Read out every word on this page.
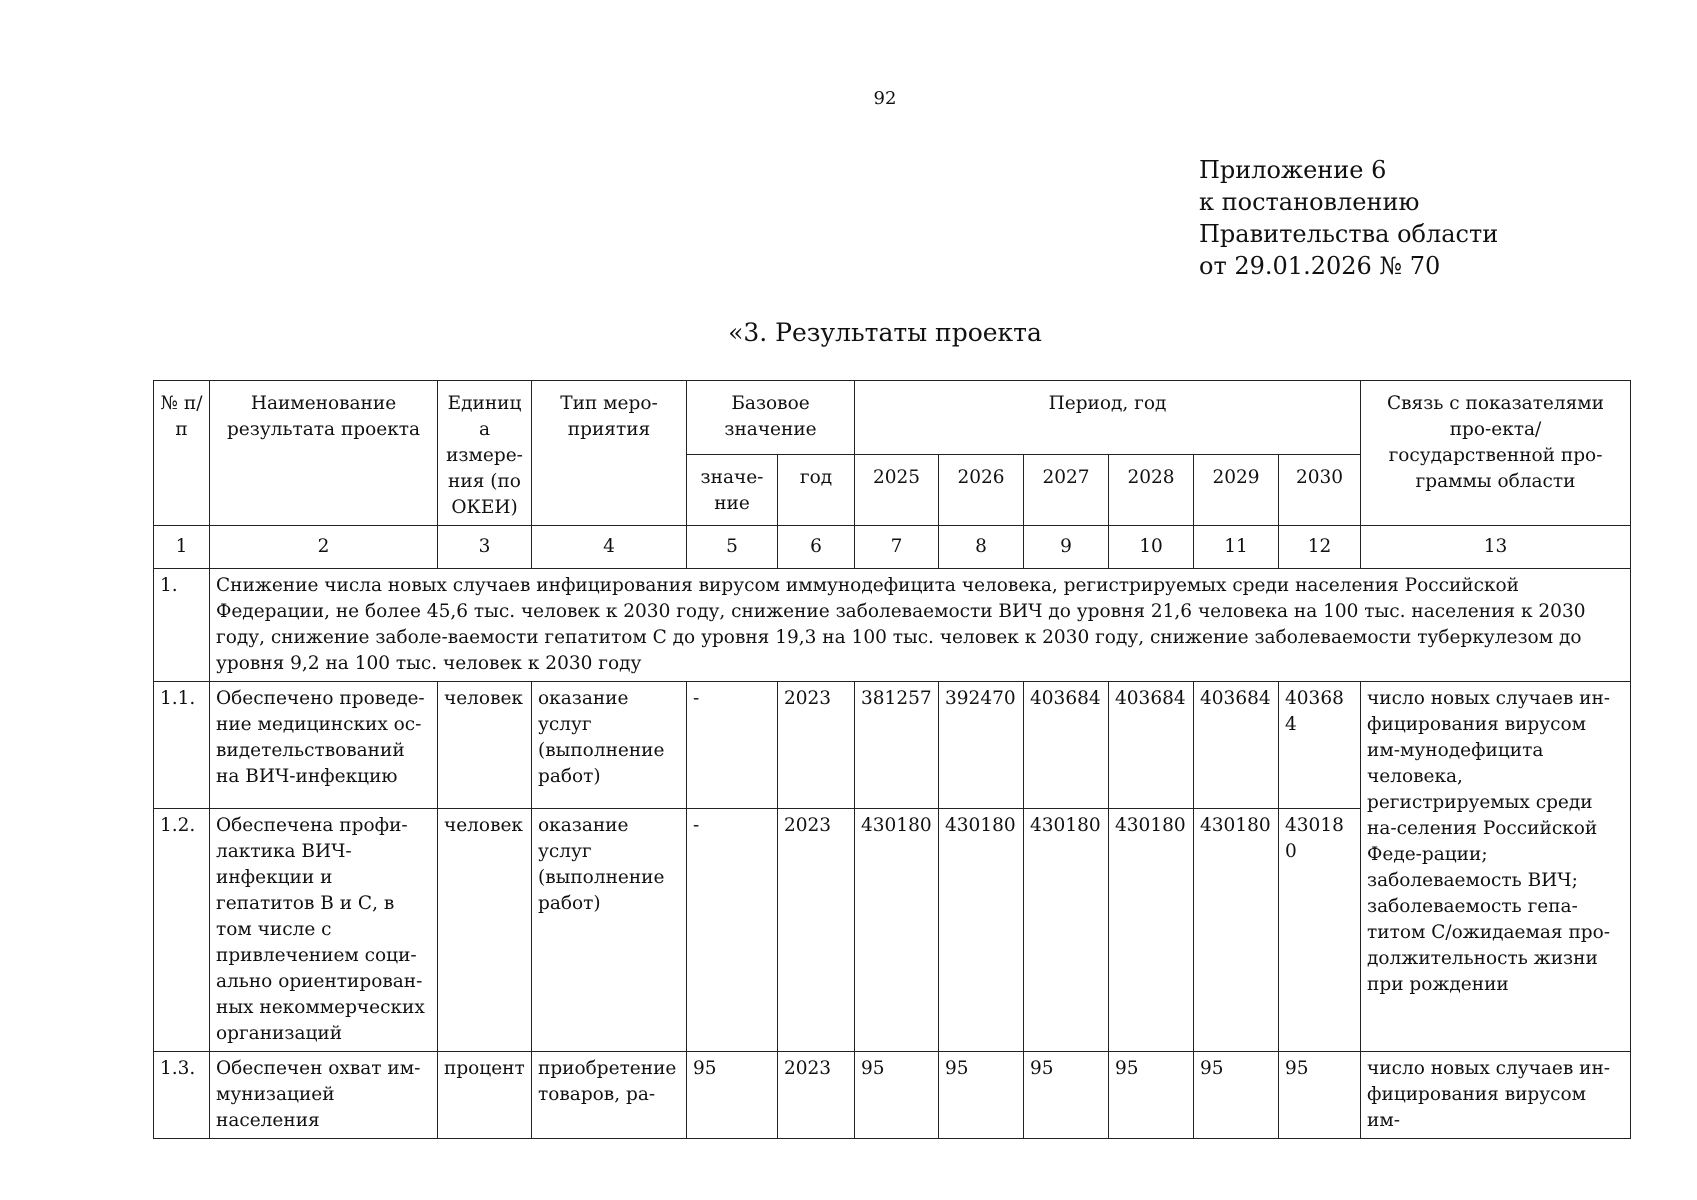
92
Приложение 6
к постановлению
Правительства области
от 29.01.2026 № 70
«3. Результаты проекта
№ п/п	Наименование результата проекта	Единица измере-ния (по ОКЕИ)	Тип меро-приятия	Базовое значение		Период, год						Связь с показателями про-екта/государственной про-граммы области
				значе-ние	год	2025	2026	2027	2028	2029	2030	
1	2	3	4	5	6	7	8	9	10	11	12	13
1.	Снижение числа новых случаев инфицирования вирусом иммунодефицита человека, регистрируемых среди населения Российской Федерации, не более 45,6 тыс. человек к 2030 году, снижение заболеваемости ВИЧ до уровня 21,6 человека на 100 тыс. населения к 2030 году, снижение заболе-ваемости гепатитом С до уровня 19,3 на 100 тыс. человек к 2030 году, снижение заболеваемости туберкулезом до уровня 9,2 на 100 тыс. человек к 2030 году											
1.1.	Обеспечено проведе-ние медицинских ос-видетельствований на ВИЧ-инфекцию	человек	оказание услуг (выполнение работ)	-	2023	381257	392470	403684	403684	403684	403684	число новых случаев ин-фицирования вирусом им-мунодефицита человека, регистрируемых среди на-селения Российской Феде-рации; заболеваемость ВИЧ; заболеваемость гепа-титом С/ожидаемая про-должительность жизни при рождении
1.2.	Обеспечена профи-лактика ВИЧ-инфекции и гепатитов В и С, в том числе с привлечением соци-ально ориентирован-ных некоммерческих организаций	человек	оказание услуг (выполнение работ)	-	2023	430180	430180	430180	430180	430180	430180	
1.3.	Обеспечен охват им-мунизацией населения	процент	приобретение товаров, ра-	95	2023	95	95	95	95	95	95	число новых случаев ин-фицирования вирусом им-
